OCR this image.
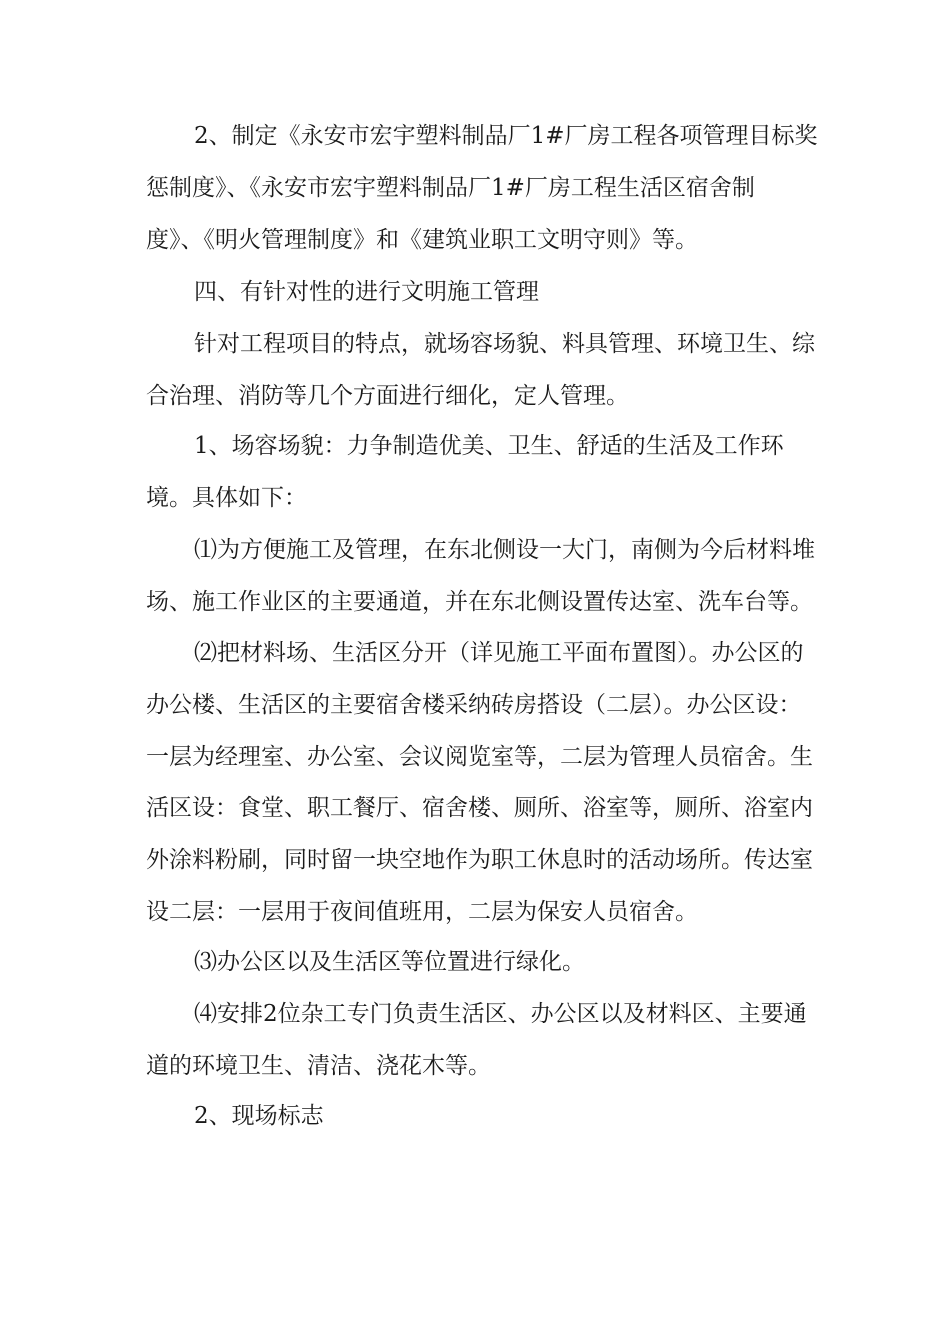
2、制定《永安市宏宇塑料制品厂1#厂房工程各项管理目标奖
惩制度》、《永安市宏宇塑料制品厂1#厂房工程生活区宿舍制
度》、《明火管理制度》和《建筑业职工文明守则》等。

四、有针对性的进行文明施工管理

针对工程项目的特点，就场容场貌、料具管理、环境卫生、综
合治理、消防等几个方面进行细化，定人管理。

1、场容场貌：力争制造优美、卫生、舒适的生活及工作环
境。具体如下：

⑴为方便施工及管理，在东北侧设一大门，南侧为今后材料堆
场、施工作业区的主要通道，并在东北侧设置传达室、洗车台等。

⑵把材料场、生活区分开（详见施工平面布置图）。办公区的
办公楼、生活区的主要宿舍楼采纳砖房搭设（二层）。办公区设：
一层为经理室、办公室、会议阅览室等，二层为管理人员宿舍。生
活区设：食堂、职工餐厅、宿舍楼、厕所、浴室等，厕所、浴室内
外涂料粉刷，同时留一块空地作为职工休息时的活动场所。传达室
设二层：一层用于夜间值班用，二层为保安人员宿舍。

⑶办公区以及生活区等位置进行绿化。

⑷安排2位杂工专门负责生活区、办公区以及材料区、主要通
道的环境卫生、清洁、浇花木等。

2、现场标志
